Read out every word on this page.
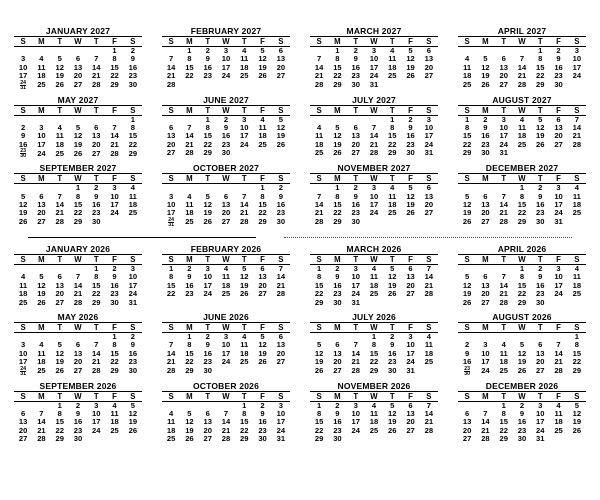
JANUARY 2027
S	M	T	W	T	F	S
					1	2
3	4	5	6	7	8	9
10	11	12	13	14	15	16
17	18	19	20	21	22	23

$\frac{24}{31}$	25	26	27	28	29	30
FEBRUARY 2027
S	M	T	W	T	F	S
	1	2	3	4	5	6
7	8	9	10	11	12	13
14	15	16	17	18	19	20
21	22	23	24	25	26	27
28						
MARCH 2027
S	M	T	W	T	F	S
	1	2	3	4	5	6
7	8	9	10	11	12	13
14	15	16	17	18	19	20
21	22	23	24	25	26	27
28	29	30	31			
APRIL 2027
S	M	T	W	T	F	S
				1	2	3
4	5	6	7	8	9	10
11	12	13	14	15	16	17
18	19	20	21	22	23	24
25	26	27	28	29	30	
MAY 2027
S	M	T	W	T	F	S
						1
2	3	4	5	6	7	8
9	10	11	12	13	14	15
16	17	18	19	20	21	22

$\frac{23}{30}$	24	25	26	27	28	29
JUNE 2027
S	M	T	W	T	F	S
		1	2	3	4	5
6	7	8	9	10	11	12
13	14	15	16	17	18	19
20	21	22	23	24	25	26
27	28	29	30			
JULY 2027
S	M	T	W	T	F	S
				1	2	3
4	5	6	7	8	9	10
11	12	13	14	15	16	17
18	19	20	21	22	23	24
25	26	27	28	29	30	31
AUGUST 2027
S	M	T	W	T	F	S
1	2	3	4	5	6	7
8	9	10	11	12	13	14
15	16	17	18	19	20	21
22	23	24	25	26	27	28
29	30	31				
SEPTEMBER 2027
S	M	T	W	T	F	S
			1	2	3	4
5	6	7	8	9	10	11
12	13	14	15	16	17	18
19	20	21	22	23	24	25
26	27	28	29	30		
OCTOBER 2027
S	M	T	W	T	F	S
					1	2
3	4	5	6	7	8	9
10	11	12	13	14	15	16
17	18	19	20	21	22	23

$\frac{24}{31}$	25	26	27	28	29	30
NOVEMBER 2027
S	M	T	W	T	F	S
	1	2	3	4	5	6
7	8	9	10	11	12	13
14	15	16	17	18	19	20
21	22	23	24	25	26	27
28	29	30				
DECEMBER 2027
S	M	T	W	T	F	S
			1	2	3	4
5	6	7	8	9	10	11
12	13	14	15	16	17	18
19	20	21	22	23	24	25
26	27	28	29	30	31	
JANUARY 2026
S	M	T	W	T	F	S
				1	2	3
4	5	6	7	8	9	10
11	12	13	14	15	16	17
18	19	20	21	22	23	24
25	26	27	28	29	30	31
FEBRUARY 2026
S	M	T	W	T	F	S
1	2	3	4	5	6	7
8	9	10	11	12	13	14
15	16	17	18	19	20	21
22	23	24	25	26	27	28

MARCH 2026
S	M	T	W	T	F	S
1	2	3	4	5	6	7
8	9	10	11	12	13	14
15	16	17	18	19	20	21
22	23	24	25	26	27	28
29	30	31				
APRIL 2026
S	M	T	W	T	F	S
			1	2	3	4
5	6	7	8	9	10	11
12	13	14	15	16	17	18
19	20	21	22	23	24	25
26	27	28	29	30		
MAY 2026
S	M	T	W	T	F	S
					1	2
3	4	5	6	7	8	9
10	11	12	13	14	15	16
17	18	19	20	21	22	23

$\frac{24}{31}$	25	26	27	28	29	30
JUNE 2026
S	M	T	W	T	F	S
	1	2	3	4	5	6
7	8	9	10	11	12	13
14	15	16	17	18	19	20
21	22	23	24	25	26	27
28	29	30				
JULY 2026
S	M	T	W	T	F	S
			1	2	3	4
5	6	7	8	9	10	11
12	13	14	15	16	17	18
19	20	21	22	23	24	25
26	27	28	29	30	31	
AUGUST 2026
S	M	T	W	T	F	S
						1
2	3	4	5	6	7	8
9	10	11	12	13	14	15
16	17	18	19	20	21	22

$\frac{23}{30}$	24	25	26	27	28	29
SEPTEMBER 2026
S	M	T	W	T	F	S
		1	2	3	4	5
6	7	8	9	10	11	12
13	14	15	16	17	18	19
20	21	22	23	24	25	26
27	28	29	30			
OCTOBER 2026
S	M	T	W	T	F	S
				1	2	3
4	5	6	7	8	9	10
11	12	13	14	15	16	17
18	19	20	21	22	23	24
25	26	27	28	29	30	31
NOVEMBER 2026
S	M	T	W	T	F	S
1	2	3	4	5	6	7
8	9	10	11	12	13	14
15	16	17	18	19	20	21
22	23	24	25	26	27	28
29	30					
DECEMBER 2026
S	M	T	W	T	F	S
		1	2	3	4	5
6	7	8	9	10	11	12
13	14	15	16	17	18	19
20	21	22	23	24	25	26
27	28	29	30	31		
